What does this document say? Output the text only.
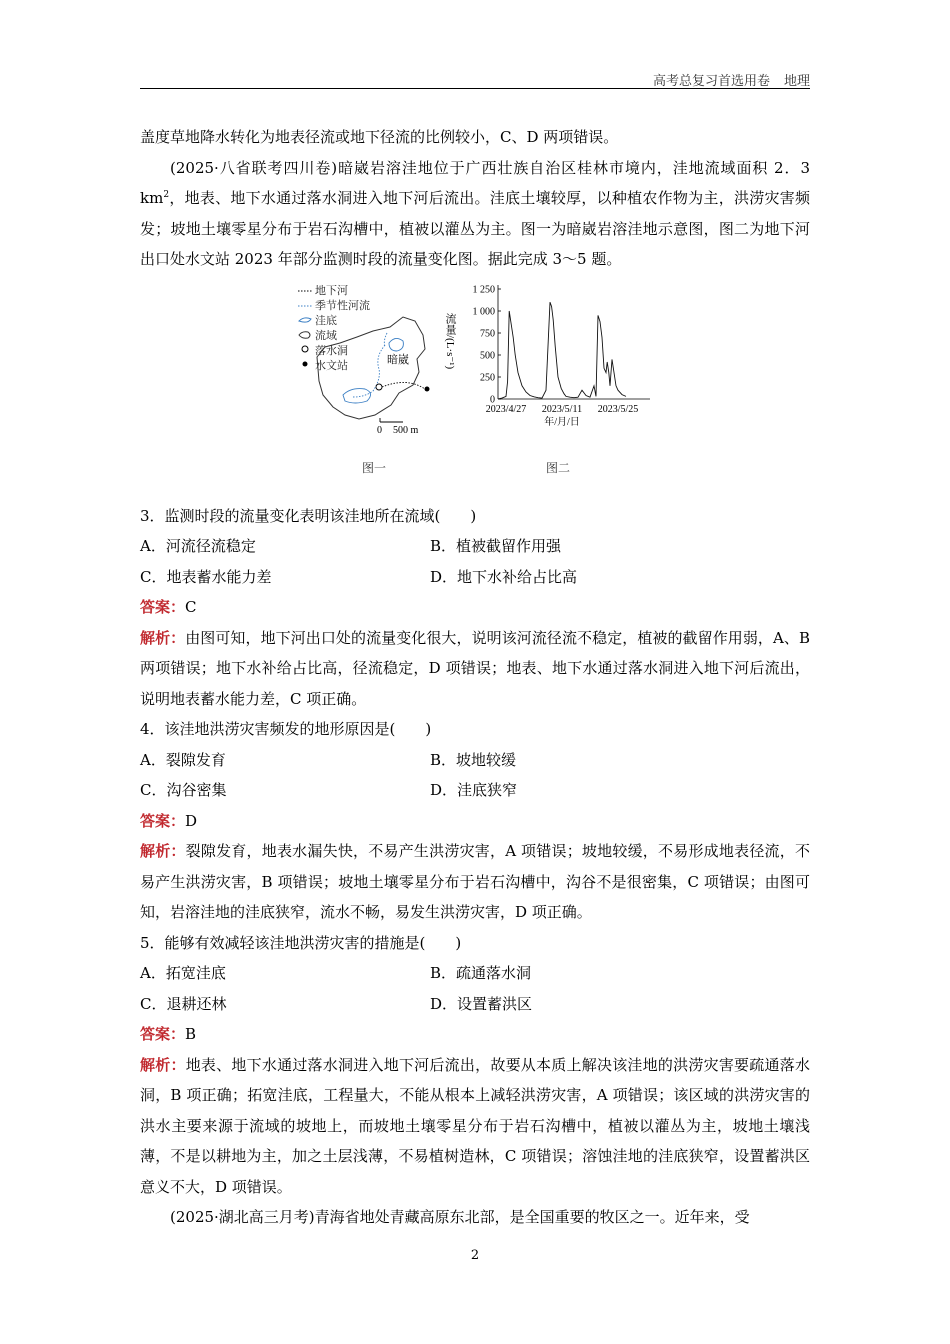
高考总复习首选用卷 地理

盖度草地降水转化为地表径流或地下径流的比例较小，C、D 两项错误。

(2025·八省联考四川卷)暗崴岩溶洼地位于广西壮族自治区桂林市境内，洼地流域面积 2．3 $km^2$，地表、地下水通过落水洞进入地下河后流出。洼底土壤较厚，以种植农作物为主，洪涝灾害频发；坡地土壤零星分布于岩石沟槽中，植被以灌丛为主。图一为暗崴岩溶洼地示意图，图二为地下河出口处水文站 2023 年部分监测时段的流量变化图。据此完成 3～5 题。

暗崴
0 500 m
地下河
季节性河流
洼底
流域
落水洞
水文站
图一
0
250
500
750
1 000
1 250
流量/(L·s⁻¹)
2023/4/27 2023/5/11 2023/5/25
年/月/日
图二

3．监测时段的流量变化表明该洼地所在流域(　　)

A．河流径流稳定	B．植被截留作用强
C．地表蓄水能力差	D．地下水补给占比高

答案：C

解析：由图可知，地下河出口处的流量变化很大，说明该河流径流不稳定，植被的截留作用弱，A、B 两项错误；地下水补给占比高，径流稳定，D 项错误；地表、地下水通过落水洞进入地下河后流出，说明地表蓄水能力差，C 项正确。

4．该洼地洪涝灾害频发的地形原因是(　　)

A．裂隙发育	B．坡地较缓
C．沟谷密集	D．洼底狭窄

答案：D

解析：裂隙发育，地表水漏失快，不易产生洪涝灾害，A 项错误；坡地较缓，不易形成地表径流，不易产生洪涝灾害，B 项错误；坡地土壤零星分布于岩石沟槽中，沟谷不是很密集，C 项错误；由图可知，岩溶洼地的洼底狭窄，流水不畅，易发生洪涝灾害，D 项正确。

5．能够有效减轻该洼地洪涝灾害的措施是(　　)

A．拓宽洼底	B．疏通落水洞
C．退耕还林	D．设置蓄洪区

答案：B

解析：地表、地下水通过落水洞进入地下河后流出，故要从本质上解决该洼地的洪涝灾害要疏通落水洞，B 项正确；拓宽洼底，工程量大，不能从根本上减轻洪涝灾害，A 项错误；该区域的洪涝灾害的洪水主要来源于流域的坡地上，而坡地土壤零星分布于岩石沟槽中，植被以灌丛为主，坡地土壤浅薄，不是以耕地为主，加之土层浅薄，不易植树造林，C 项错误；溶蚀洼地的洼底狭窄，设置蓄洪区意义不大，D 项错误。

(2025·湖北高三月考)青海省地处青藏高原东北部，是全国重要的牧区之一。近年来，受

2
